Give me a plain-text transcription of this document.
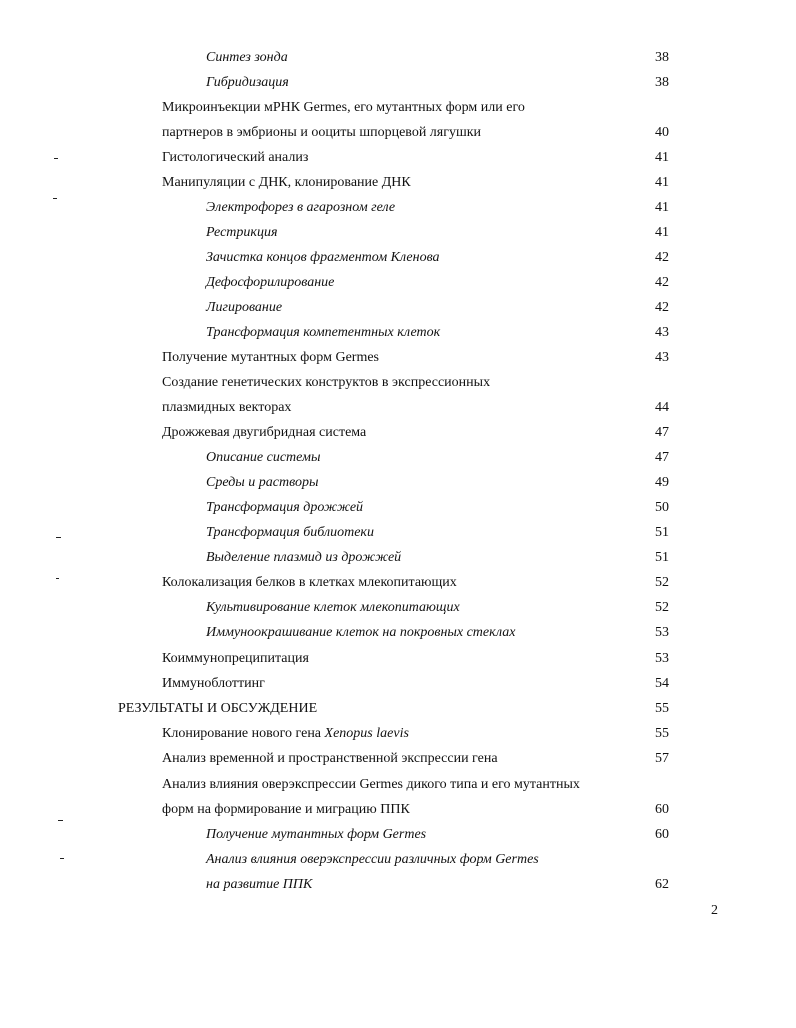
Синтез зонда	38
Гибридизация	38
Микроинъекции мРНК Germes, его мутантных форм или его
партнеров в эмбрионы и ооциты шпорцевой лягушки	40
Гистологический анализ	41
Манипуляции с ДНК, клонирование ДНК	41
Электрофорез в агарозном геле	41
Рестрикция	41
Зачистка концов фрагментом Кленова	42
Дефосфорилирование	42
Лигирование	42
Трансформация компетентных клеток	43
Получение мутантных форм Germes	43
Создание генетических конструктов в экспрессионных
плазмидных векторах	44
Дрожжевая двугибридная система	47
Описание системы	47
Среды и растворы	49
Трансформация дрожжей	50
Трансформация библиотеки	51
Выделение плазмид из дрожжей	51
Колокализация белков в клетках млекопитающих	52
Культивирование клеток млекопитающих	52
Иммуноокрашивание клеток на покровных стеклах	53
Коиммунопреципитация	53
Иммуноблоттинг	54
РЕЗУЛЬТАТЫ И ОБСУЖДЕНИЕ	55
Клонирование нового гена Xenopus laevis	55
Анализ временной и пространственной экспрессии гена	57
Анализ влияния оверэкспрессии Germes дикого типа и его мутантных
форм на формирование и миграцию ППК	60
Получение мутантных форм Germes	60
Анализ влияния оверэкспрессии различных форм Germes
на развитие ППК	62
2
